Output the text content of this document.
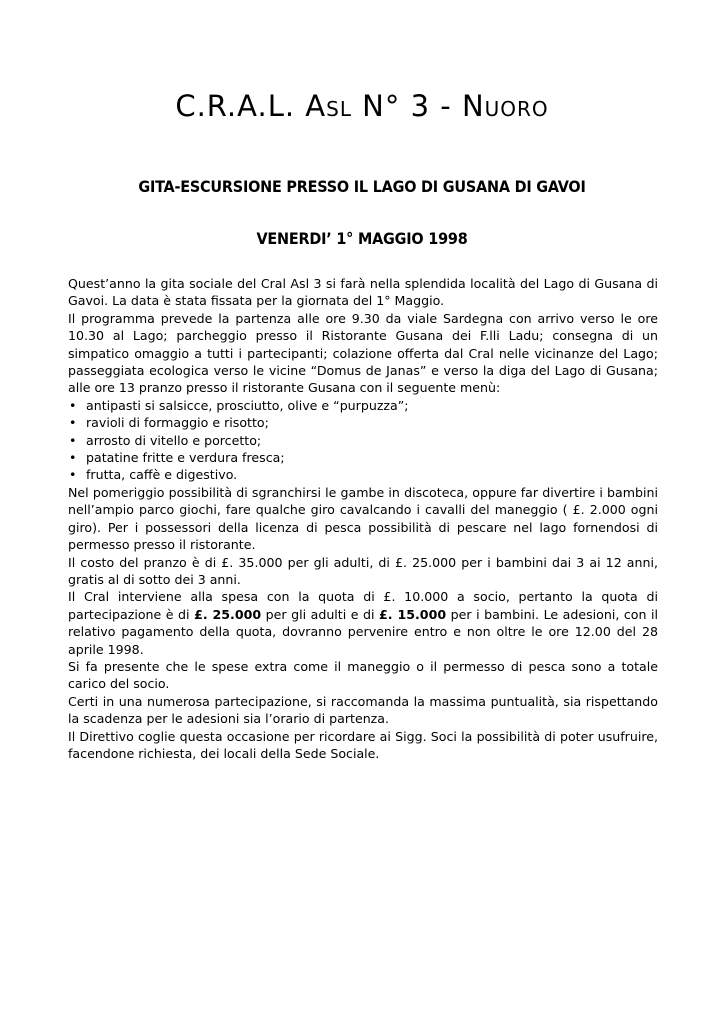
C.R.A.L. Asl N° 3 - Nuoro
GITA-ESCURSIONE PRESSO IL LAGO DI GUSANA DI GAVOI
VENERDI’ 1° MAGGIO 1998

Quest’anno la gita sociale del Cral Asl 3 si farà nella splendida località del Lago di Gusana di Gavoi. La data è stata fissata per la giornata del 1° Maggio.

Il programma prevede la partenza alle ore 9.30 da viale Sardegna con arrivo verso le ore 10.30 al Lago; parcheggio presso il Ristorante Gusana dei F.lli Ladu; consegna di un simpatico omaggio a tutti i partecipanti; colazione offerta dal Cral nelle vicinanze del Lago; passeggiata ecologica verso le vicine “Domus de Janas” e verso la diga del Lago di Gusana; alle ore 13 pranzo presso il ristorante Gusana con il seguente menù:

• antipasti si salsicce, prosciutto, olive e “purpuzza”;
• ravioli di formaggio e risotto;
• arrosto di vitello e porcetto;
• patatine fritte e verdura fresca;
• frutta, caffè e digestivo.

Nel pomeriggio possibilità di sgranchirsi le gambe in discoteca, oppure far divertire i bambini nell’ampio parco giochi, fare qualche giro cavalcando i cavalli del maneggio ( £. 2.000 ogni giro). Per i possessori della licenza di pesca possibilità di pescare nel lago fornendosi di permesso presso il ristorante.

Il costo del pranzo è di £. 35.000 per gli adulti, di £. 25.000 per i bambini dai 3 ai 12 anni, gratis al di sotto dei 3 anni.

Il Cral interviene alla spesa con la quota di £. 10.000 a socio, pertanto la quota di partecipazione è di £. 25.000 per gli adulti e di £. 15.000 per i bambini. Le adesioni, con il relativo pagamento della quota, dovranno pervenire entro e non oltre le ore 12.00 del 28 aprile 1998.

Si fa presente che le spese extra come il maneggio o il permesso di pesca sono a totale carico del socio.

Certi in una numerosa partecipazione, si raccomanda la massima puntualità, sia rispettando la scadenza per le adesioni sia l’orario di partenza.

Il Direttivo coglie questa occasione per ricordare ai Sigg. Soci la possibilità di poter usufruire, facendone richiesta, dei locali della Sede Sociale.
